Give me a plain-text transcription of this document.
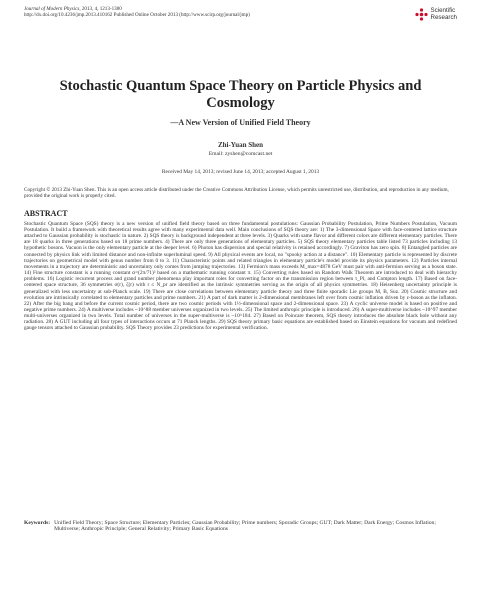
Journal of Modern Physics, 2013, 4, 1213-1380
http://dx.doi.org/10.4236/jmp.2013.410162 Published Online October 2013 (http://www.scirp.org/journal/jmp)
Scientific
Research
Stochastic Quantum Space Theory on Particle Physics and Cosmology
—A New Version of Unified Field Theory
Zhi-Yuan Shen
Email: zyshen@comcast.net
Received May 14, 2013; revised June 14, 2013; accepted August 1, 2013
Copyright © 2013 Zhi-Yuan Shen. This is an open access article distributed under the Creative Commons Attribution License, which permits unrestricted use, distribution, and reproduction in any medium, provided the original work is properly cited.
ABSTRACT
Stochastic Quantum Space (SQS) theory is a new version of unified field theory based on three fundamental postulations: Gaussian Probability Postulation, Prime Numbers Postulation, Vacuum Postulation. It build a framework with theoretical results agree with many experimental data well. Main conclusions of SQS theory are: 1) The 3-dimensional Space with face-centered lattice structure attached to Gaussian probability is stochastic in nature. 2) SQS theory is background independent at three levels. 3) Quarks with same flavor and different colors are different elementary particles. There are 18 quarks in three generations based on 18 prime numbers. 4) There are only three generations of elementary particles. 5) SQS theory elementary particles table listed 73 particles including 13 hypothetic bosons. Vacuon is the only elementary particle at the deeper level. 6) Photon has dispersion and special relativity is retained accordingly. 7) Graviton has zero spin. 8) Entangled particles are connected by physics link with limited distance and non-infinite superluminal speed. 9) All physical events are local, no "spooky action at a distance". 10) Elementary particle is represented by discrete trajectories on geometrical model with genus number from 0 to 3. 11) Characteristic points and related triangles in elementary particle's model provide its physics parameters. 12) Particles internal movements in a trajectory are deterministic and uncertainty only comes from jumping trajectories. 13) Fermion's mass exceeds M_max=4878 GeV must pair with anti-fermion serving as a boson state. 14) Fine structure constant is a running constant α=(2π/71)² based on a mathematic running constant π. 15) Converting rules based on Random Walk Theorem are introduced to deal with hierarchy problems. 16) Logistic recurrent process and grand number phenomena play important roles for converting factor on the transmission region between τ_Pl, and Compton length. 17) Based on face-centered space structure, 36 symmetries σ(r), ζ(r) with r ≤ N_pr are identified as the intrinsic symmetries serving as the origin of all physics symmetries. 18) Heisenberg uncertainty principle is generalized with less uncertainty at sub-Planck scale. 19) There are close correlations between elementary particle theory and three finite sporadic Lie groups M, B, Suz. 20) Cosmic structure and evolution are intrinsically correlated to elementary particles and prime numbers. 21) A part of dark matter is 2-dimensional membranes left over from cosmic inflation driven by ε-boson as the inflaton. 22) After the big bang and before the current cosmic period, there are two cosmic periods with 1½-dimensional space and 2-dimensional space. 23) A cyclic universe model is based on positive and negative prime numbers. 24) A multiverse includes ~10^88 member universes organized in two levels. 25) The limited anthropic principle is introduced. 26) A super-multiverse includes ~10^97 member multi-universes organized in two levels. Total number of universes in the super-multiverse is ~10^184. 27) Based on Poincare theorem, SQS theory introduces the absolute black hole without any radiation. 28) A GUT including all four types of interactions occurs at 71 Planck lengths. 29) SQS theory primary basic equations are established based on Einstein equations for vacuum and redefined gauge tensors attached to Gaussian probability. SQS Theory provides 23 predictions for experimental verification.
Keywords: Unified Field Theory; Space Structure; Elementary Particles; Gaussian Probability; Prime numbers; Sporadic Groups; GUT; Dark Matter; Dark Energy; Cosmos Inflation; Multiverse; Anthropic Principle; General Relativity; Primary Basic Equations
